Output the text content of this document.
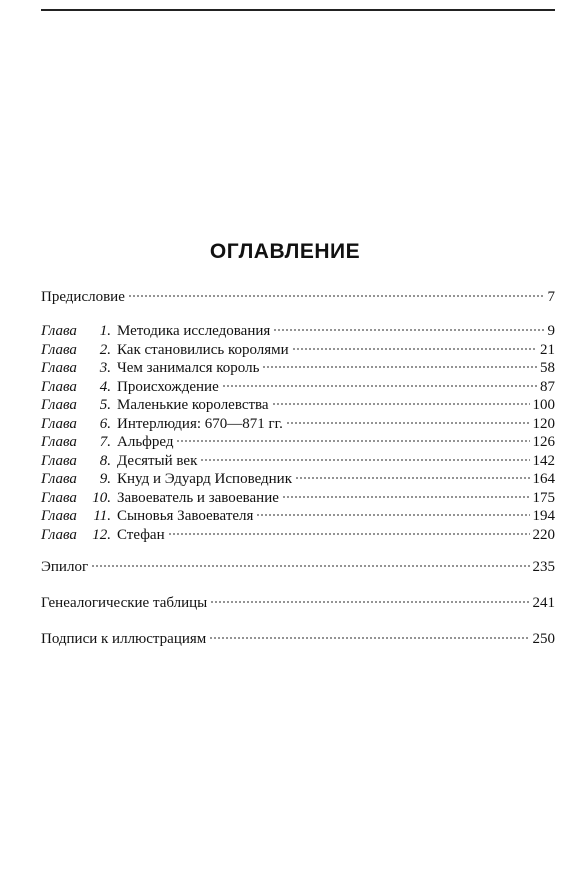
ОГЛАВЛЕНИЕ
Предисловие	7
Глава	1. Методика исследования	9
Глава	2. Как становились королями	21
Глава	3. Чем занимался король	58
Глава	4. Происхождение	87
Глава	5. Маленькие королевства	100
Глава	6. Интерлюдия: 670—871 гг.	120
Глава	7. Альфред	126
Глава	8. Десятый век	142
Глава	9. Кнуд и Эдуард Исповедник	164
Глава	10. Завоеватель и завоевание	175
Глава	11. Сыновья Завоевателя	194
Глава	12. Стефан	220
Эпилог	235
Генеалогические таблицы	241
Подписи к иллюстрациям	250
